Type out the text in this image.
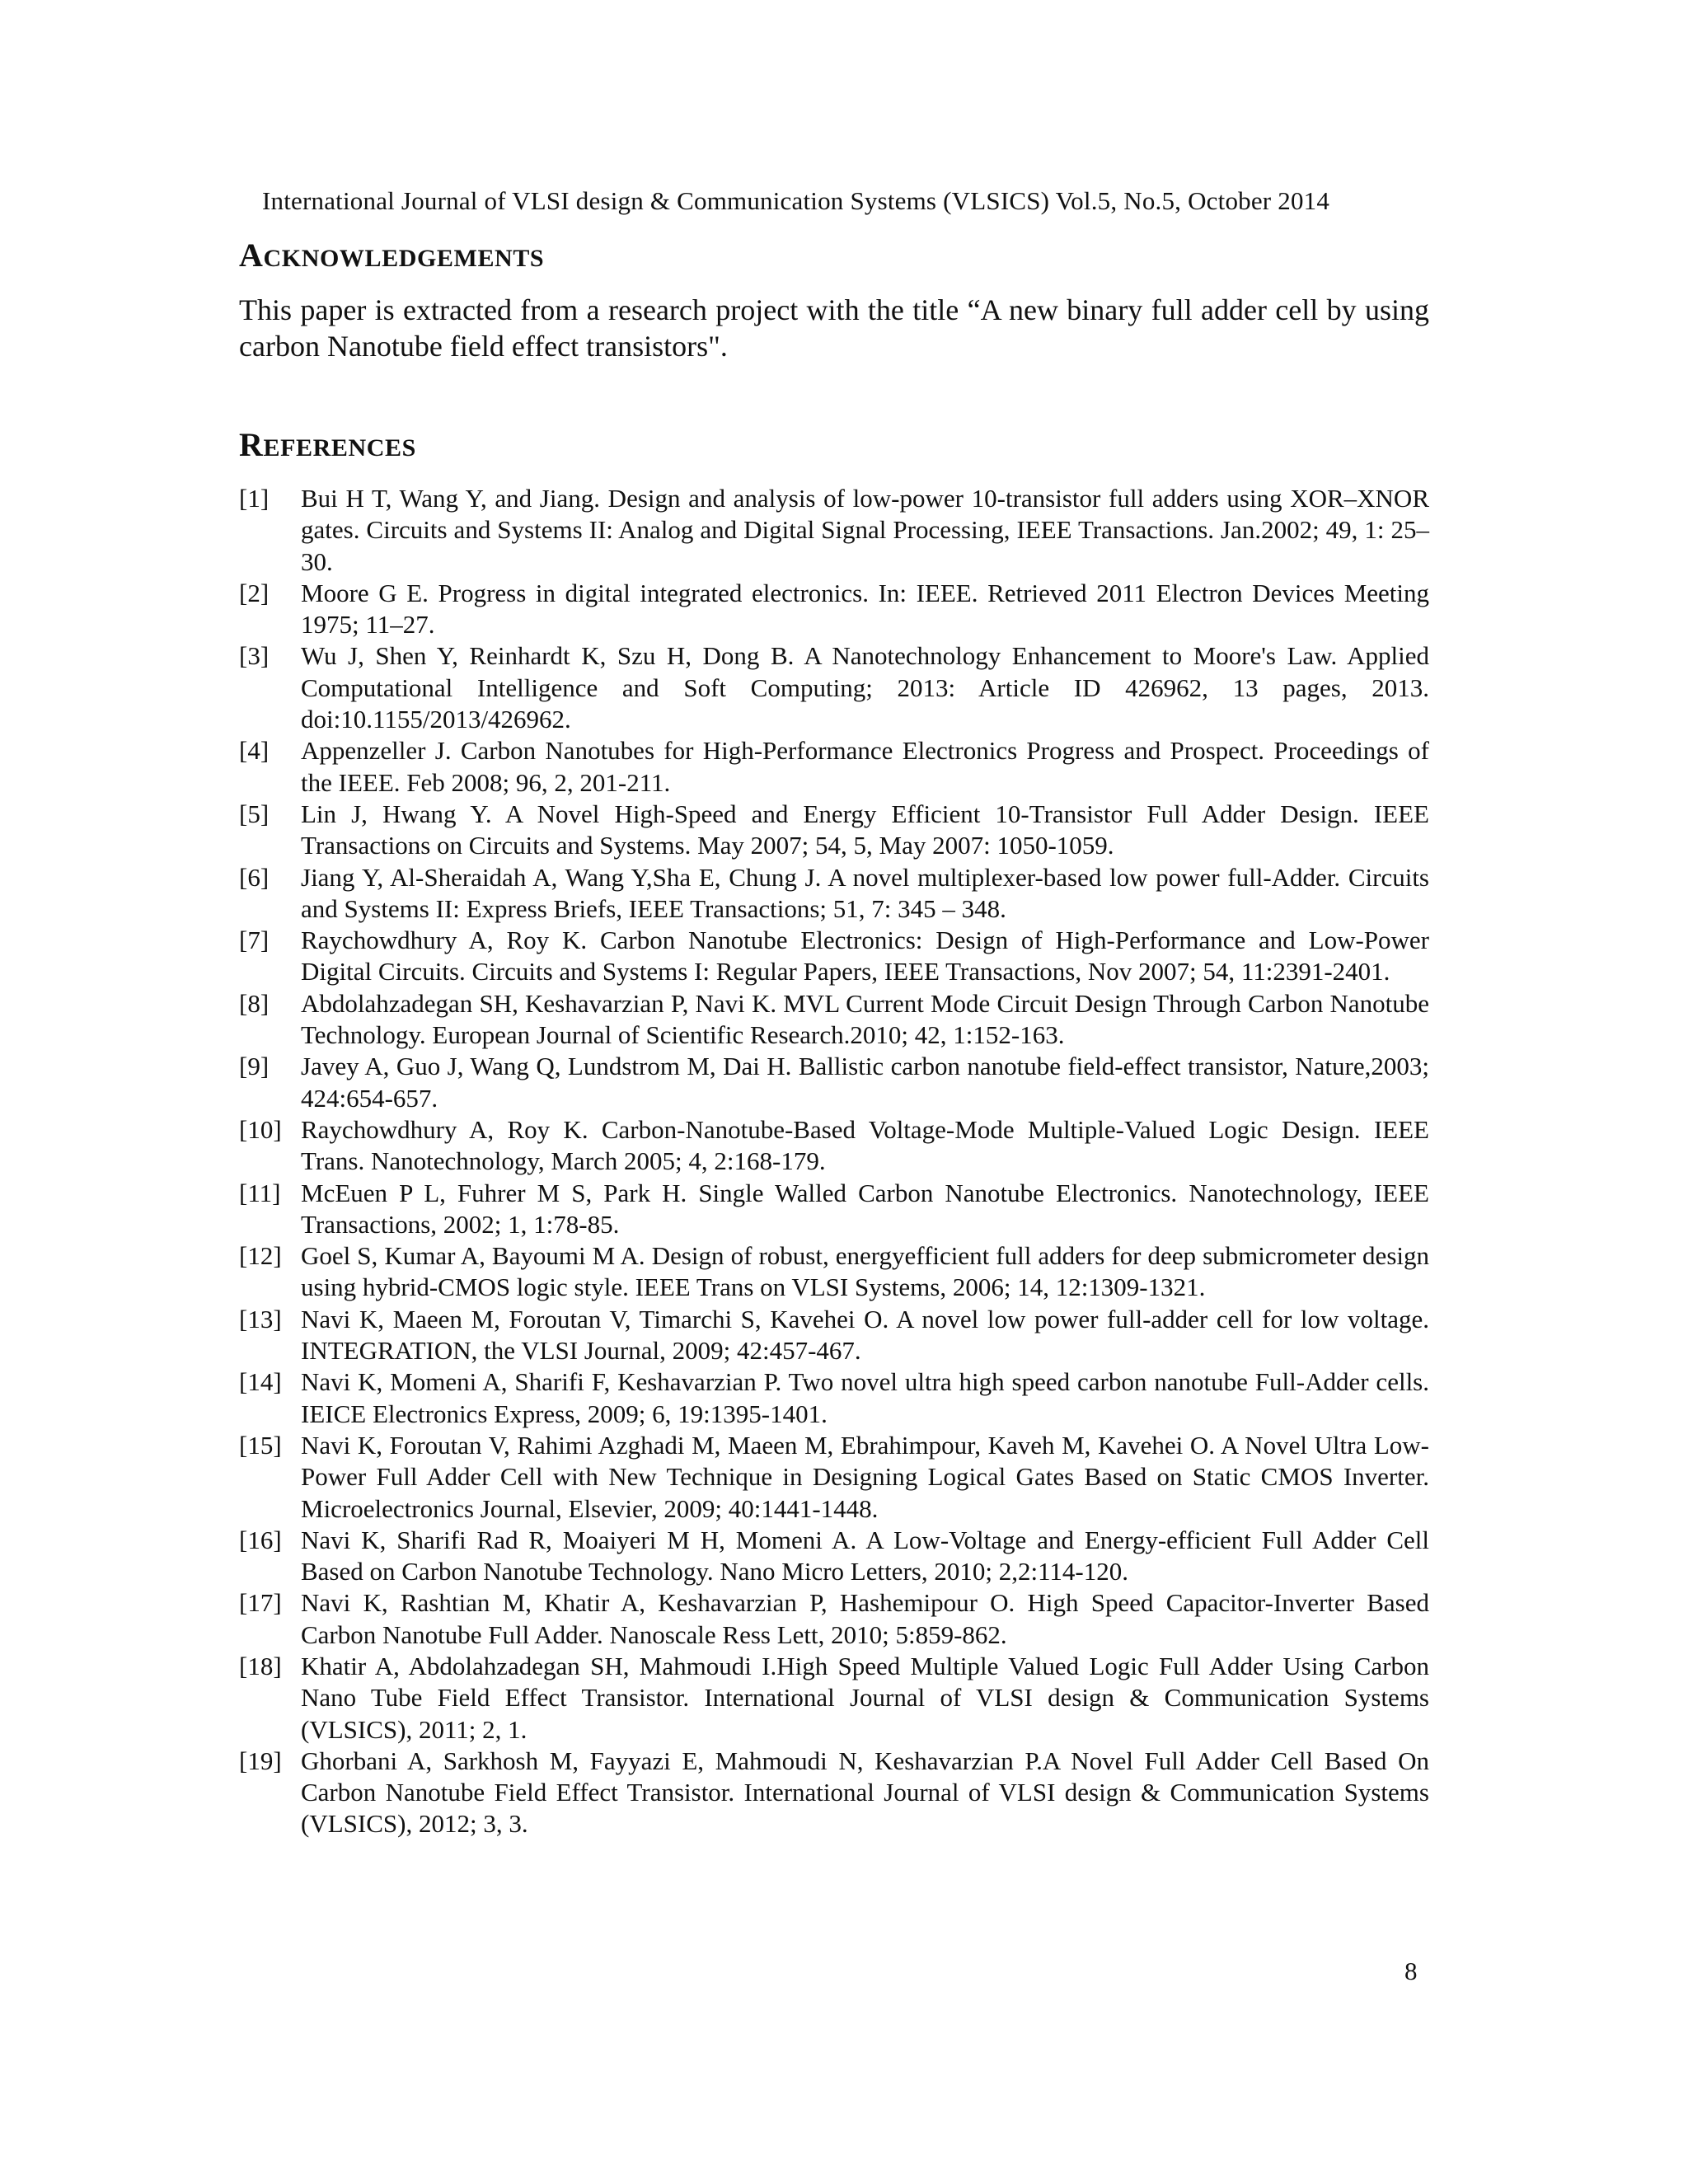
International Journal of VLSI design & Communication Systems (VLSICS) Vol.5, No.5, October 2014
ACKNOWLEDGEMENTS

This paper is extracted from a research project with the title “A new binary full adder cell by using carbon Nanotube field effect transistors".

REFERENCES
[1]	Bui H T, Wang Y, and Jiang. Design and analysis of low-power 10-transistor full adders using XOR–XNOR gates. Circuits and Systems II: Analog and Digital Signal Processing, IEEE Transactions. Jan.2002; 49, 1: 25–30.
[2]	Moore G E. Progress in digital integrated electronics. In: IEEE. Retrieved 2011 Electron Devices Meeting 1975; 11–27.
[3]	Wu J, Shen Y, Reinhardt K, Szu H, Dong B. A Nanotechnology Enhancement to Moore's Law. Applied Computational Intelligence and Soft Computing; 2013: Article ID 426962, 13 pages, 2013. doi:10.1155/2013/426962.
[4]	Appenzeller J. Carbon Nanotubes for High-Performance Electronics Progress and Prospect. Proceedings of the IEEE. Feb 2008; 96, 2, 201-211.
[5]	Lin J, Hwang Y. A Novel High-Speed and Energy Efficient 10-Transistor Full Adder Design. IEEE Transactions on Circuits and Systems. May 2007; 54, 5, May 2007: 1050-1059.
[6]	Jiang Y, Al-Sheraidah A, Wang Y,Sha E, Chung J. A novel multiplexer-based low power full-Adder. Circuits and Systems II: Express Briefs, IEEE Transactions; 51, 7: 345 – 348.
[7]	Raychowdhury A, Roy K. Carbon Nanotube Electronics: Design of High-Performance and Low-Power Digital Circuits. Circuits and Systems I: Regular Papers, IEEE Transactions, Nov 2007; 54, 11:2391-2401.
[8]	Abdolahzadegan SH, Keshavarzian P, Navi K. MVL Current Mode Circuit Design Through Carbon Nanotube Technology. European Journal of Scientific Research.2010; 42, 1:152-163.
[9]	Javey A, Guo J, Wang Q, Lundstrom M, Dai H. Ballistic carbon nanotube field-effect transistor, Nature,2003; 424:654-657.
[10] Raychowdhury A, Roy K. Carbon-Nanotube-Based Voltage-Mode Multiple-Valued Logic Design. IEEE Trans. Nanotechnology, March 2005; 4, 2:168-179.
[11] McEuen P L, Fuhrer M S, Park H. Single Walled Carbon Nanotube Electronics. Nanotechnology, IEEE Transactions, 2002; 1, 1:78-85.
[12] Goel S, Kumar A, Bayoumi M A. Design of robust, energyefficient full adders for deep submicrometer design using hybrid-CMOS logic style. IEEE Trans on VLSI Systems, 2006; 14, 12:1309-1321.
[13] Navi K, Maeen M, Foroutan V, Timarchi S, Kavehei O. A novel low power full-adder cell for low voltage. INTEGRATION, the VLSI Journal, 2009; 42:457-467.
[14] Navi K, Momeni A, Sharifi F, Keshavarzian P. Two novel ultra high speed carbon nanotube Full-Adder cells. IEICE Electronics Express, 2009; 6, 19:1395-1401.
[15] Navi K, Foroutan V, Rahimi Azghadi M, Maeen M, Ebrahimpour, Kaveh M, Kavehei O. A Novel Ultra Low-Power Full Adder Cell with New Technique in Designing Logical Gates Based on Static CMOS Inverter. Microelectronics Journal, Elsevier, 2009; 40:1441-1448.
[16] Navi K, Sharifi Rad R, Moaiyeri M H, Momeni A. A Low-Voltage and Energy-efficient Full Adder Cell Based on Carbon Nanotube Technology. Nano Micro Letters, 2010; 2,2:114-120.
[17] Navi K, Rashtian M, Khatir A, Keshavarzian P, Hashemipour O. High Speed Capacitor-Inverter Based Carbon Nanotube Full Adder. Nanoscale Ress Lett, 2010; 5:859-862.
[18] Khatir A, Abdolahzadegan SH, Mahmoudi I.High Speed Multiple Valued Logic Full Adder Using Carbon Nano Tube Field Effect Transistor. International Journal of VLSI design & Communication Systems (VLSICS), 2011; 2, 1.
[19] Ghorbani A, Sarkhosh M, Fayyazi E, Mahmoudi N, Keshavarzian P.A Novel Full Adder Cell Based On Carbon Nanotube Field Effect Transistor. International Journal of VLSI design & Communication Systems (VLSICS), 2012; 3, 3.
8
